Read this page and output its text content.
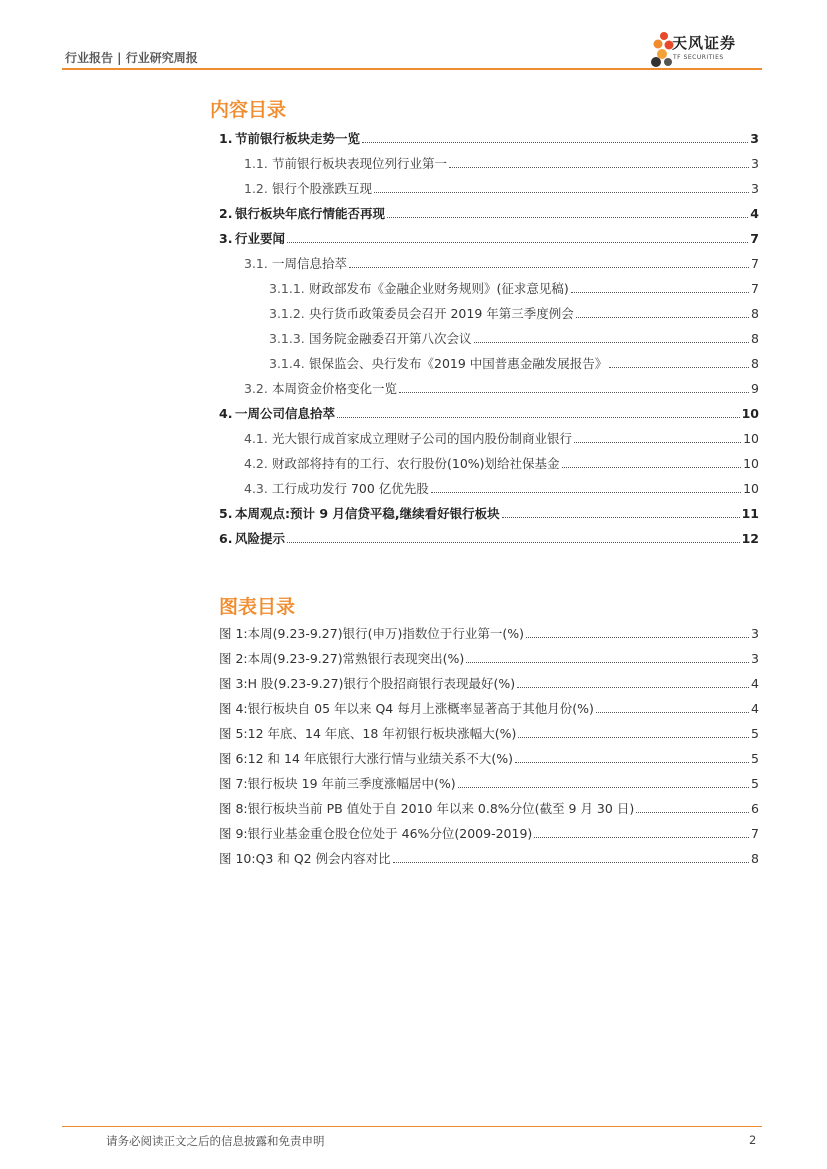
行业报告 | 行业研究周报
天风证券
TF SECURITIES
内容目录
1. 节前银行板块走势一览	3
1.1. 节前银行板块表现位列行业第一	3
1.2. 银行个股涨跌互现	3
2. 银行板块年底行情能否再现	4
3. 行业要闻	7
3.1. 一周信息拾萃	7
3.1.1. 财政部发布《金融企业财务规则》(征求意见稿)	7
3.1.2. 央行货币政策委员会召开 2019 年第三季度例会	8
3.1.3. 国务院金融委召开第八次会议	8
3.1.4. 银保监会、央行发布《2019 中国普惠金融发展报告》	8
3.2. 本周资金价格变化一览	9
4. 一周公司信息拾萃	10
4.1. 光大银行成首家成立理财子公司的国内股份制商业银行	10
4.2. 财政部将持有的工行、农行股份(10%)划给社保基金	10
4.3. 工行成功发行 700 亿优先股	10
5. 本周观点:预计 9 月信贷平稳,继续看好银行板块	11
6. 风险提示	12
图表目录
图 1:本周(9.23-9.27)银行(申万)指数位于行业第一(%)	3
图 2:本周(9.23-9.27)常熟银行表现突出(%)	3
图 3:H 股(9.23-9.27)银行个股招商银行表现最好(%)	4
图 4:银行板块自 05 年以来 Q4 每月上涨概率显著高于其他月份(%)	4
图 5:12 年底、14 年底、18 年初银行板块涨幅大(%)	5
图 6:12 和 14 年底银行大涨行情与业绩关系不大(%)	5
图 7:银行板块 19 年前三季度涨幅居中(%)	5
图 8:银行板块当前 PB 值处于自 2010 年以来 0.8%分位(截至 9 月 30 日)	6
图 9:银行业基金重仓股仓位处于 46%分位(2009-2019)	7
图 10:Q3 和 Q2 例会内容对比	8
请务必阅读正文之后的信息披露和免责申明	2
